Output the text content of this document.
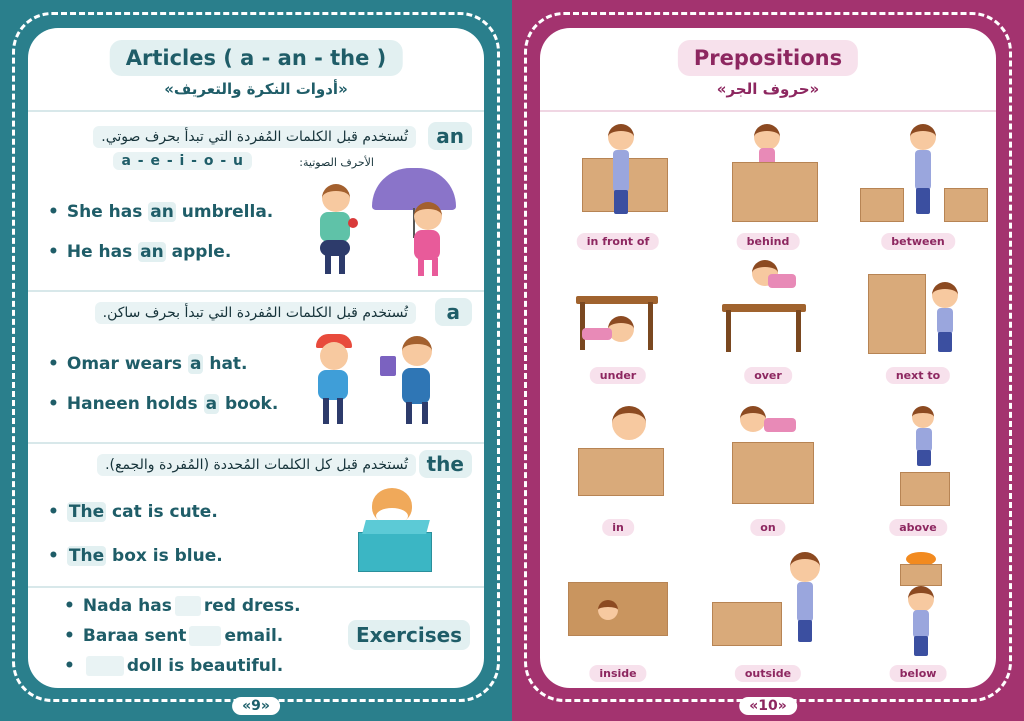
Articles ( a - an - the )
«أدوات النكرة والتعريف»
an
تُستخدم قبل الكلمات المُفردة التي تبدأ بحرف صوتي.
الأحرف الصوتية:
a - e - i - o - u
• She has an umbrella.
• He has an apple.
a
تُستخدم قبل الكلمات المُفردة التي تبدأ بحرف ساكن.
• Omar wears a hat.
• Haneen holds a book.
the
تُستخدم قبل كل الكلمات المُحددة (المُفردة والجمع).
• The cat is cute.
• The box is blue.
• Nada has red dress.
• Baraa sent email.
•	doll is beautiful.
Exercises
«9»
Prepositions
«حروف الجر»
in front of	behind	between
under	over	next to
in	on	above
inside	outside	below
«10»
